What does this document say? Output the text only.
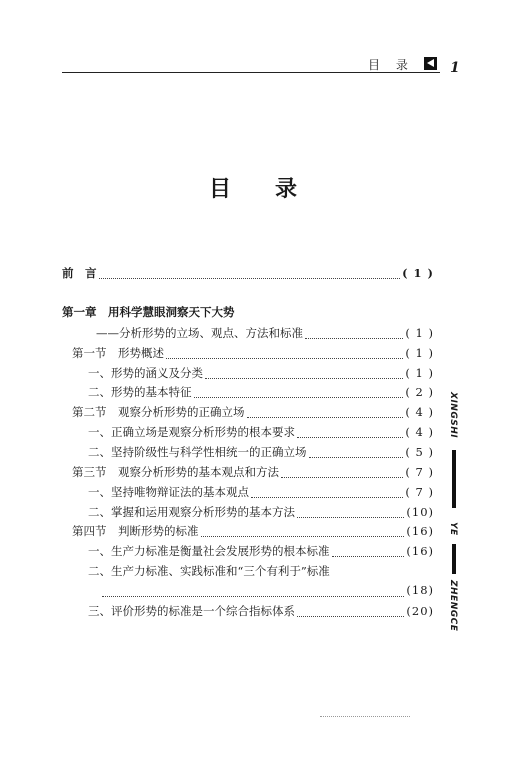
目 录	1
目 录
前　言	( 1 )
第一章　用科学慧眼洞察天下大势
——分析形势的立场、观点、方法和标准	( 1 )
第一节　形势概述	( 1 )
一、形势的涵义及分类	( 1 )
二、形势的基本特征	( 2 )
第二节　观察分析形势的正确立场	( 4 )
一、正确立场是观察分析形势的根本要求	( 4 )
二、坚持阶级性与科学性相统一的正确立场	( 5 )
第三节　观察分析形势的基本观点和方法	( 7 )
一、坚持唯物辩证法的基本观点	( 7 )
二、掌握和运用观察分析形势的基本方法	(10)
第四节　判断形势的标准	(16)
一、生产力标准是衡量社会发展形势的根本标准	(16)
二、生产力标准、实践标准和“三个有利于”标准
(18)
三、评价形势的标准是一个综合指标体系	(20)
XINGSHI
YE
ZHENGCE
